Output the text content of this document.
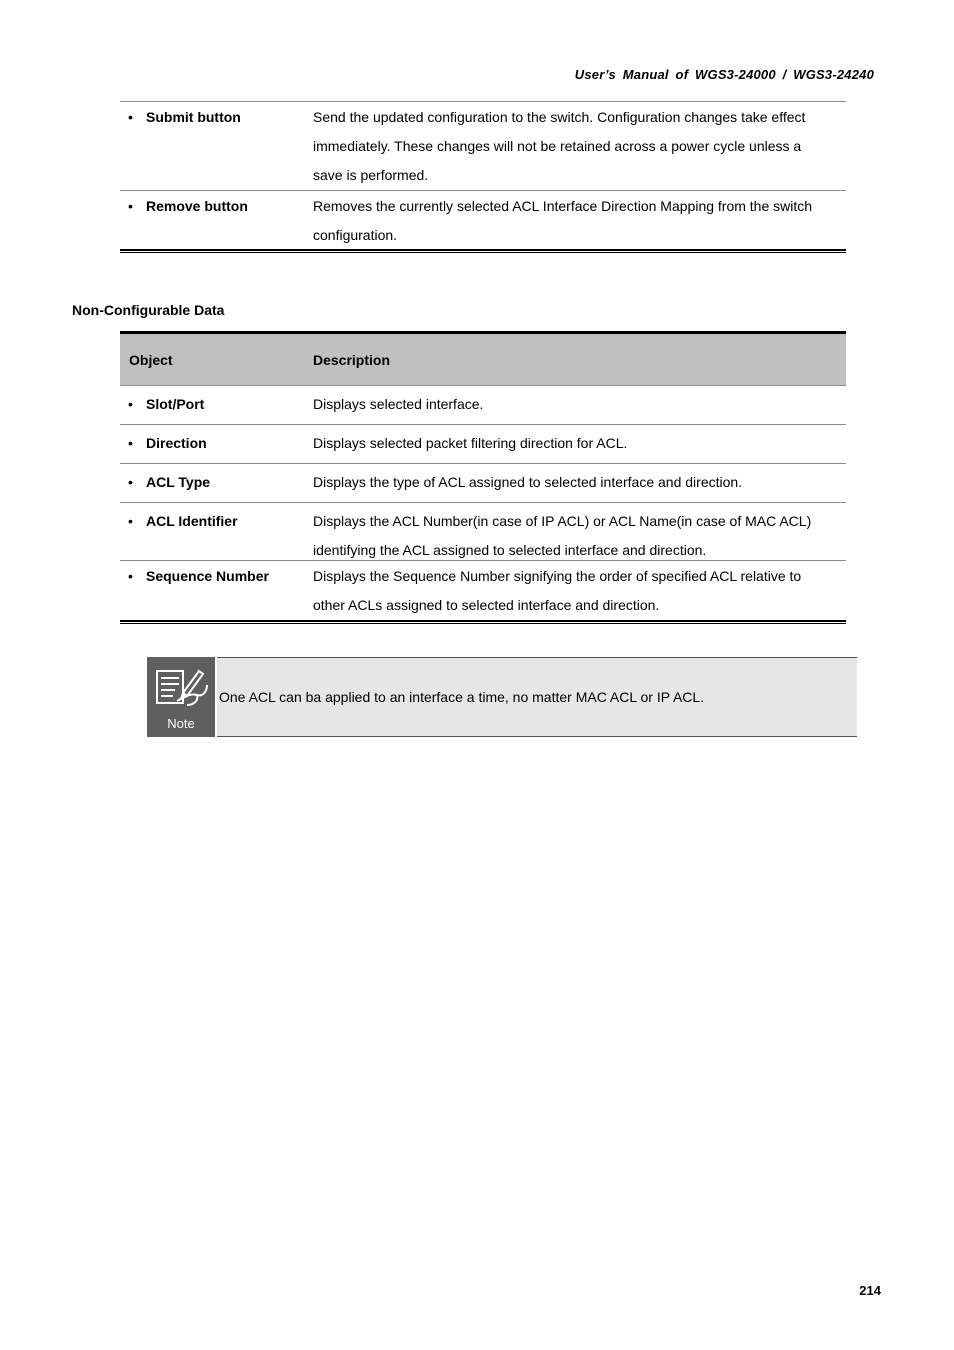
User’s Manual of WGS3-24000 / WGS3-24240
• Submit button	Send the updated configuration to the switch. Configuration changes take effect
immediately. These changes will not be retained across a power cycle unless a
save is performed.
• Remove button	Removes the currently selected ACL Interface Direction Mapping from the switch
configuration.
Non-Configurable Data
Object	Description
• Slot/Port	Displays selected interface.
• Direction	Displays selected packet filtering direction for ACL.
• ACL Type	Displays the type of ACL assigned to selected interface and direction.
• ACL Identifier	Displays the ACL Number(in case of IP ACL) or ACL Name(in case of MAC ACL)
identifying the ACL assigned to selected interface and direction.
• Sequence Number	Displays the Sequence Number signifying the order of specified ACL relative to
other ACLs assigned to selected interface and direction.
Note
One ACL can ba applied to an interface a time, no matter MAC ACL or IP ACL.
214
